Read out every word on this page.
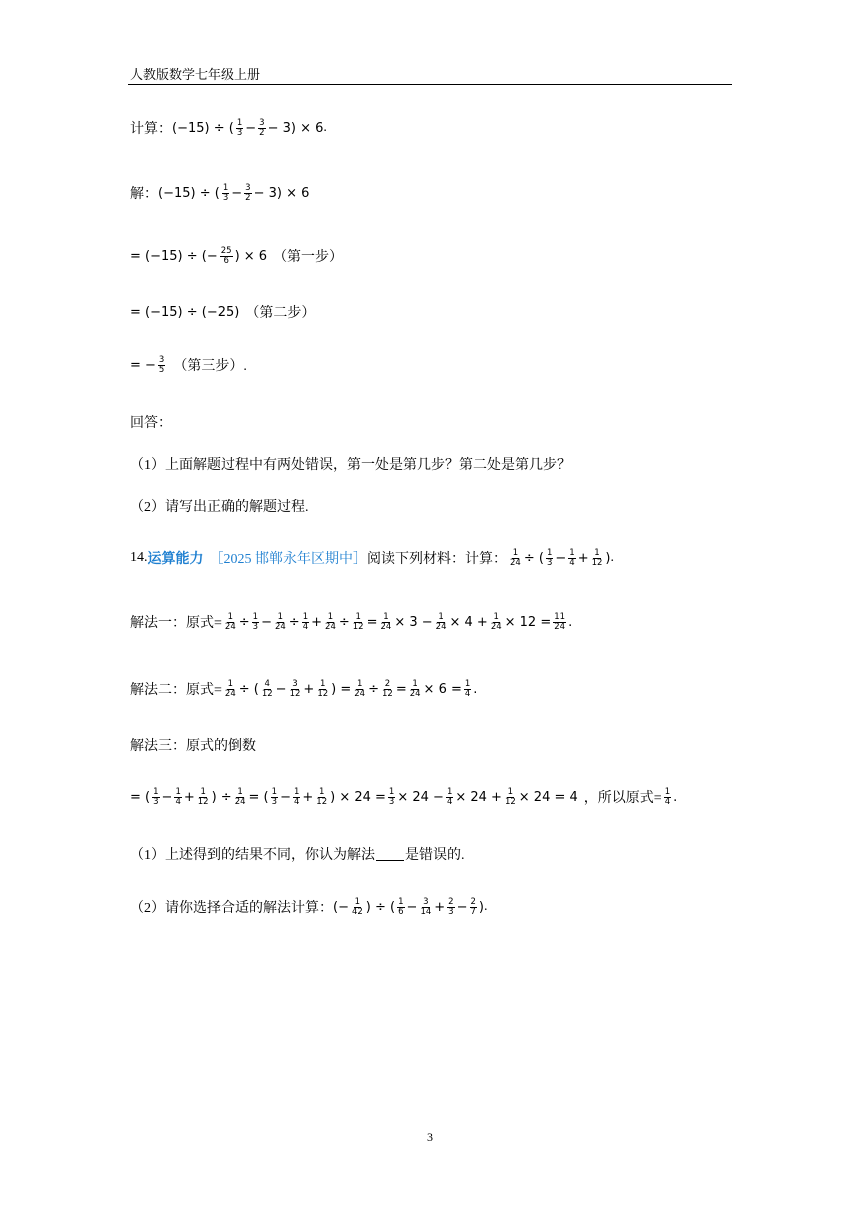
人教版数学七年级上册
计算： (−15) ÷ ( $\frac{1}{3} - \frac{3}{2} - 3) \times 6$ .
解： (−15) ÷ ( $\frac{1}{3} - \frac{3}{2} - 3) \times 6$
= (−15) ÷ (− $\frac{25}{6}$ ) × 6 （第一步）
= (−15) ÷ (−25) （第二步）
= − $\frac{3}{5}$ （第三步）.
回答：
（1）上面解题过程中有两处错误，第一处是第几步？第二处是第几步？
（2）请写出正确的解题过程.
14. 运算能力 ［2025 邯郸永年区期中］ 阅读下列材料：计算： $\frac{1}{24}$ ÷ ( $\frac{1}{3} - \frac{1}{4} + \frac{1}{12}$ ) .
解法一：原式= $\frac{1}{24} \div \frac{1}{3} - \frac{1}{24} \div \frac{1}{4} + \frac{1}{24} \div \frac{1}{12} = \frac{1}{24} \times 3 - \frac{1}{24} \times 4 + \frac{1}{24} \times 12 = \frac{11}{24}$ .
解法二：原式= $\frac{1}{24}$ ÷ ( $\frac{4}{12} - \frac{3}{12} + \frac{1}{12}$ ) = $\frac{1}{24} \div \frac{2}{12} = \frac{1}{24} \times 6 = \frac{1}{4}$ .
解法三：原式的倒数
= ( $\frac{1}{3} - \frac{1}{4} + \frac{1}{12}$ ) ÷ $\frac{1}{24}$ = ( $\frac{1}{3} - \frac{1}{4} + \frac{1}{12}$ ) × $24 = \frac{1}{3} \times 24 - \frac{1}{4} \times 24 + \frac{1}{12} \times 24 = 4$ ，所以原式= $\frac{1}{4}$ .
（1）上述得到的结果不同，你认为解法 是错误的.
（2）请你选择合适的解法计算： (− $\frac{1}{42}$ ) ÷ ( $\frac{1}{6} - \frac{3}{14} + \frac{2}{3} - \frac{2}{7}$ ) .
3
